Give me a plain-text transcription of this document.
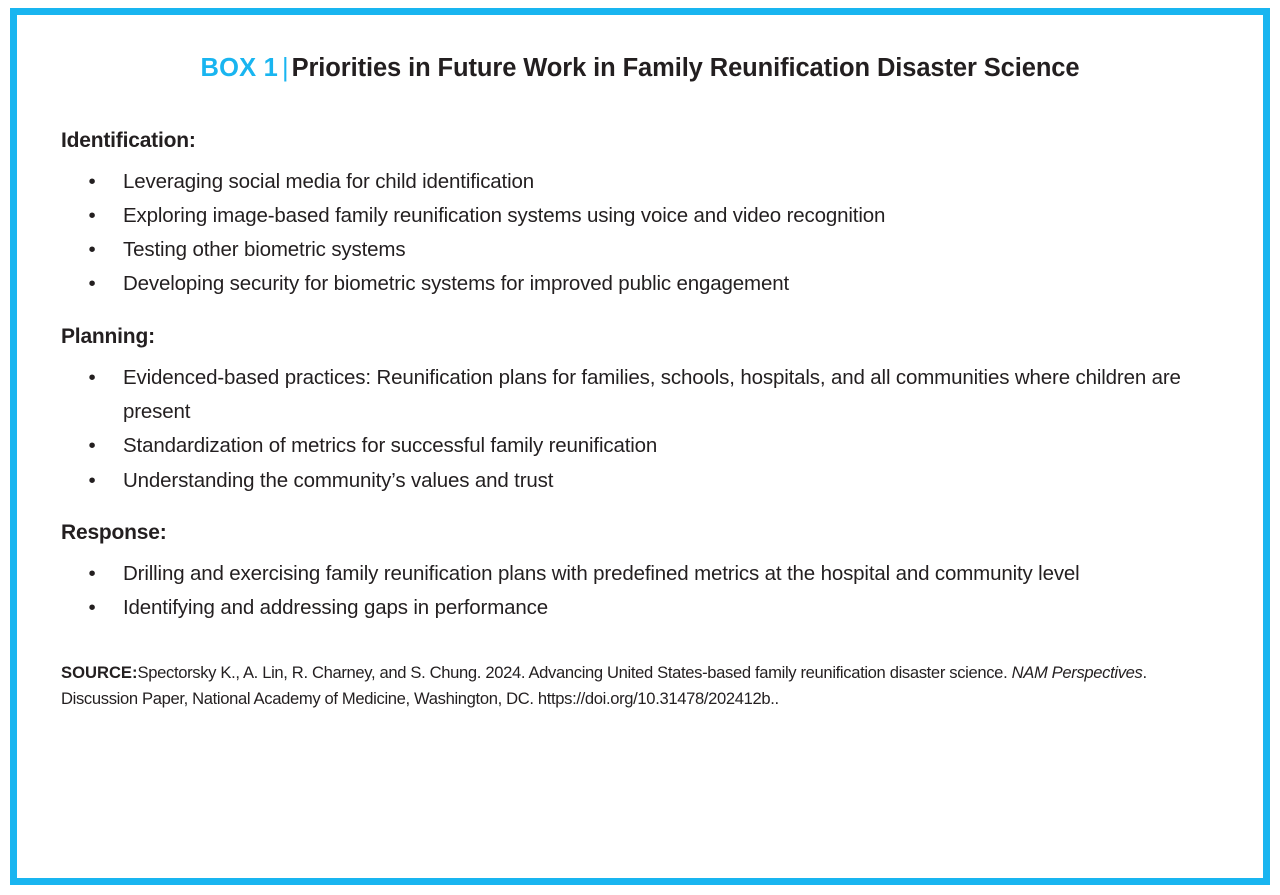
BOX 1 | Priorities in Future Work in Family Reunification Disaster Science
Identification:
• Leveraging social media for child identification
• Exploring image-based family reunification systems using voice and video recognition
• Testing other biometric systems
• Developing security for biometric systems for improved public engagement
Planning:
• Evidenced-based practices: Reunification plans for families, schools, hospitals, and all communities where children are present
• Standardization of metrics for successful family reunification
• Understanding the community’s values and trust
Response:
• Drilling and exercising family reunification plans with predefined metrics at the hospital and community level
• Identifying and addressing gaps in performance
SOURCE:Spectorsky K., A. Lin, R. Charney, and S. Chung. 2024. Advancing United States-based family reunification disaster science. NAM Perspectives. Discussion Paper, National Academy of Medicine, Washington, DC. https://doi.org/10.31478/202412b..
